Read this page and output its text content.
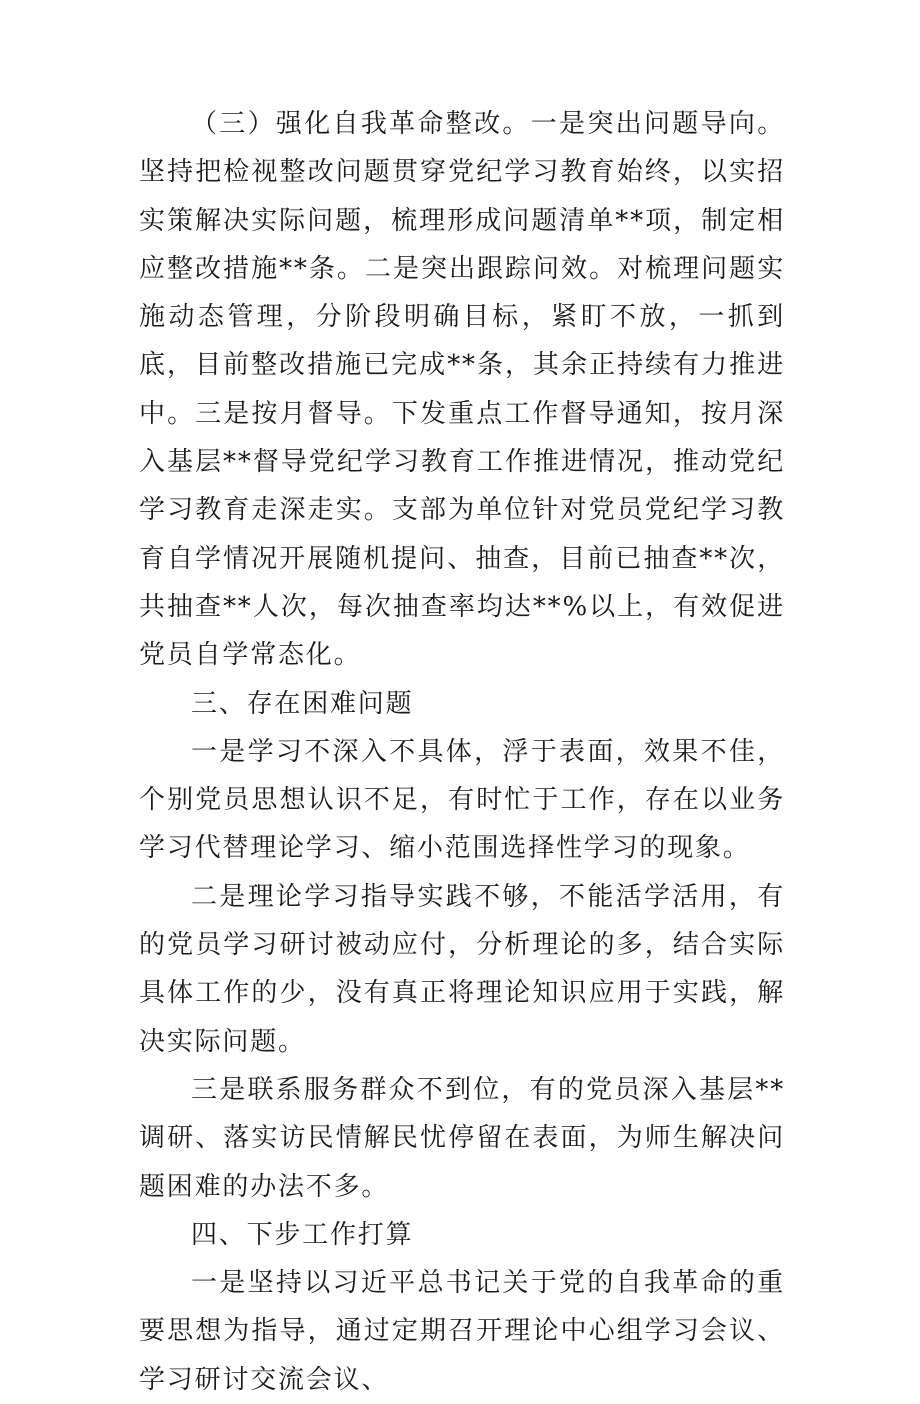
（三）强化自我革命整改。一是突出问题导向。坚持把检视整改问题贯穿党纪学习教育始终，以实招实策解决实际问题，梳理形成问题清单**项，制定相应整改措施**条。二是突出跟踪问效。对梳理问题实施动态管理，分阶段明确目标，紧盯不放，一抓到底，目前整改措施已完成**条，其余正持续有力推进中。三是按月督导。下发重点工作督导通知，按月深入基层**督导党纪学习教育工作推进情况，推动党纪学习教育走深走实。支部为单位针对党员党纪学习教育自学情况开展随机提问、抽查，目前已抽查**次，共抽查**人次，每次抽查率均达**%以上，有效促进党员自学常态化。

三、存在困难问题

一是学习不深入不具体，浮于表面，效果不佳，个别党员思想认识不足，有时忙于工作，存在以业务学习代替理论学习、缩小范围选择性学习的现象。

二是理论学习指导实践不够，不能活学活用，有的党员学习研讨被动应付，分析理论的多，结合实际具体工作的少，没有真正将理论知识应用于实践，解决实际问题。

三是联系服务群众不到位，有的党员深入基层**调研、落实访民情解民忧停留在表面，为师生解决问题困难的办法不多。

四、下步工作打算

一是坚持以习近平总书记关于党的自我革命的重要思想为指导，通过定期召开理论中心组学习会议、学习研讨交流会议、
